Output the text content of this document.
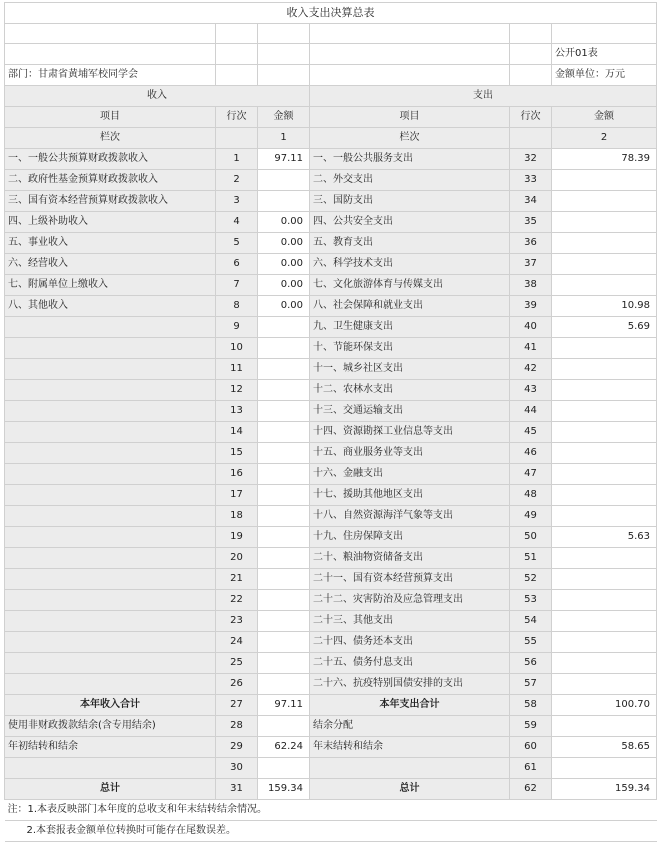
收入支出决算总表					

					公开01表
部门：甘肃省黄埔军校同学会					金额单位：万元
收入			支出		
项目	行次	金额	项目	行次	金额
栏次		1	栏次		2
一、一般公共预算财政拨款收入	1	97.11	一、一般公共服务支出	32	78.39
二、政府性基金预算财政拨款收入	2		二、外交支出	33	
三、国有资本经营预算财政拨款收入	3		三、国防支出	34	
四、上级补助收入	4	0.00	四、公共安全支出	35	
五、事业收入	5	0.00	五、教育支出	36	
六、经营收入	6	0.00	六、科学技术支出	37	
七、附属单位上缴收入	7	0.00	七、文化旅游体育与传媒支出	38	
八、其他收入	8	0.00	八、社会保障和就业支出	39	10.98
	9		九、卫生健康支出	40	5.69
	10		十、节能环保支出	41	
	11		十一、城乡社区支出	42	
	12		十二、农林水支出	43	
	13		十三、交通运输支出	44	
	14		十四、资源勘探工业信息等支出	45	
	15		十五、商业服务业等支出	46	
	16		十六、金融支出	47	
	17		十七、援助其他地区支出	48	
	18		十八、自然资源海洋气象等支出	49	
	19		十九、住房保障支出	50	5.63
	20		二十、粮油物资储备支出	51	
	21		二十一、国有资本经营预算支出	52	
	22		二十二、灾害防治及应急管理支出	53	
	23		二十三、其他支出	54	
	24		二十四、债务还本支出	55	
	25		二十五、债务付息支出	56	
	26		二十六、抗疫特别国债安排的支出	57	
本年收入合计	27	97.11	本年支出合计	58	100.70
使用非财政拨款结余(含专用结余)	28		结余分配	59	
年初结转和结余	29	62.24	年末结转和结余	60	58.65
	30			61	
总计	31	159.34	总计	62	159.34
注：1.本表反映部门本年度的总收支和年末结转结余情况。					
2.本套报表金额单位转换时可能存在尾数误差。					
